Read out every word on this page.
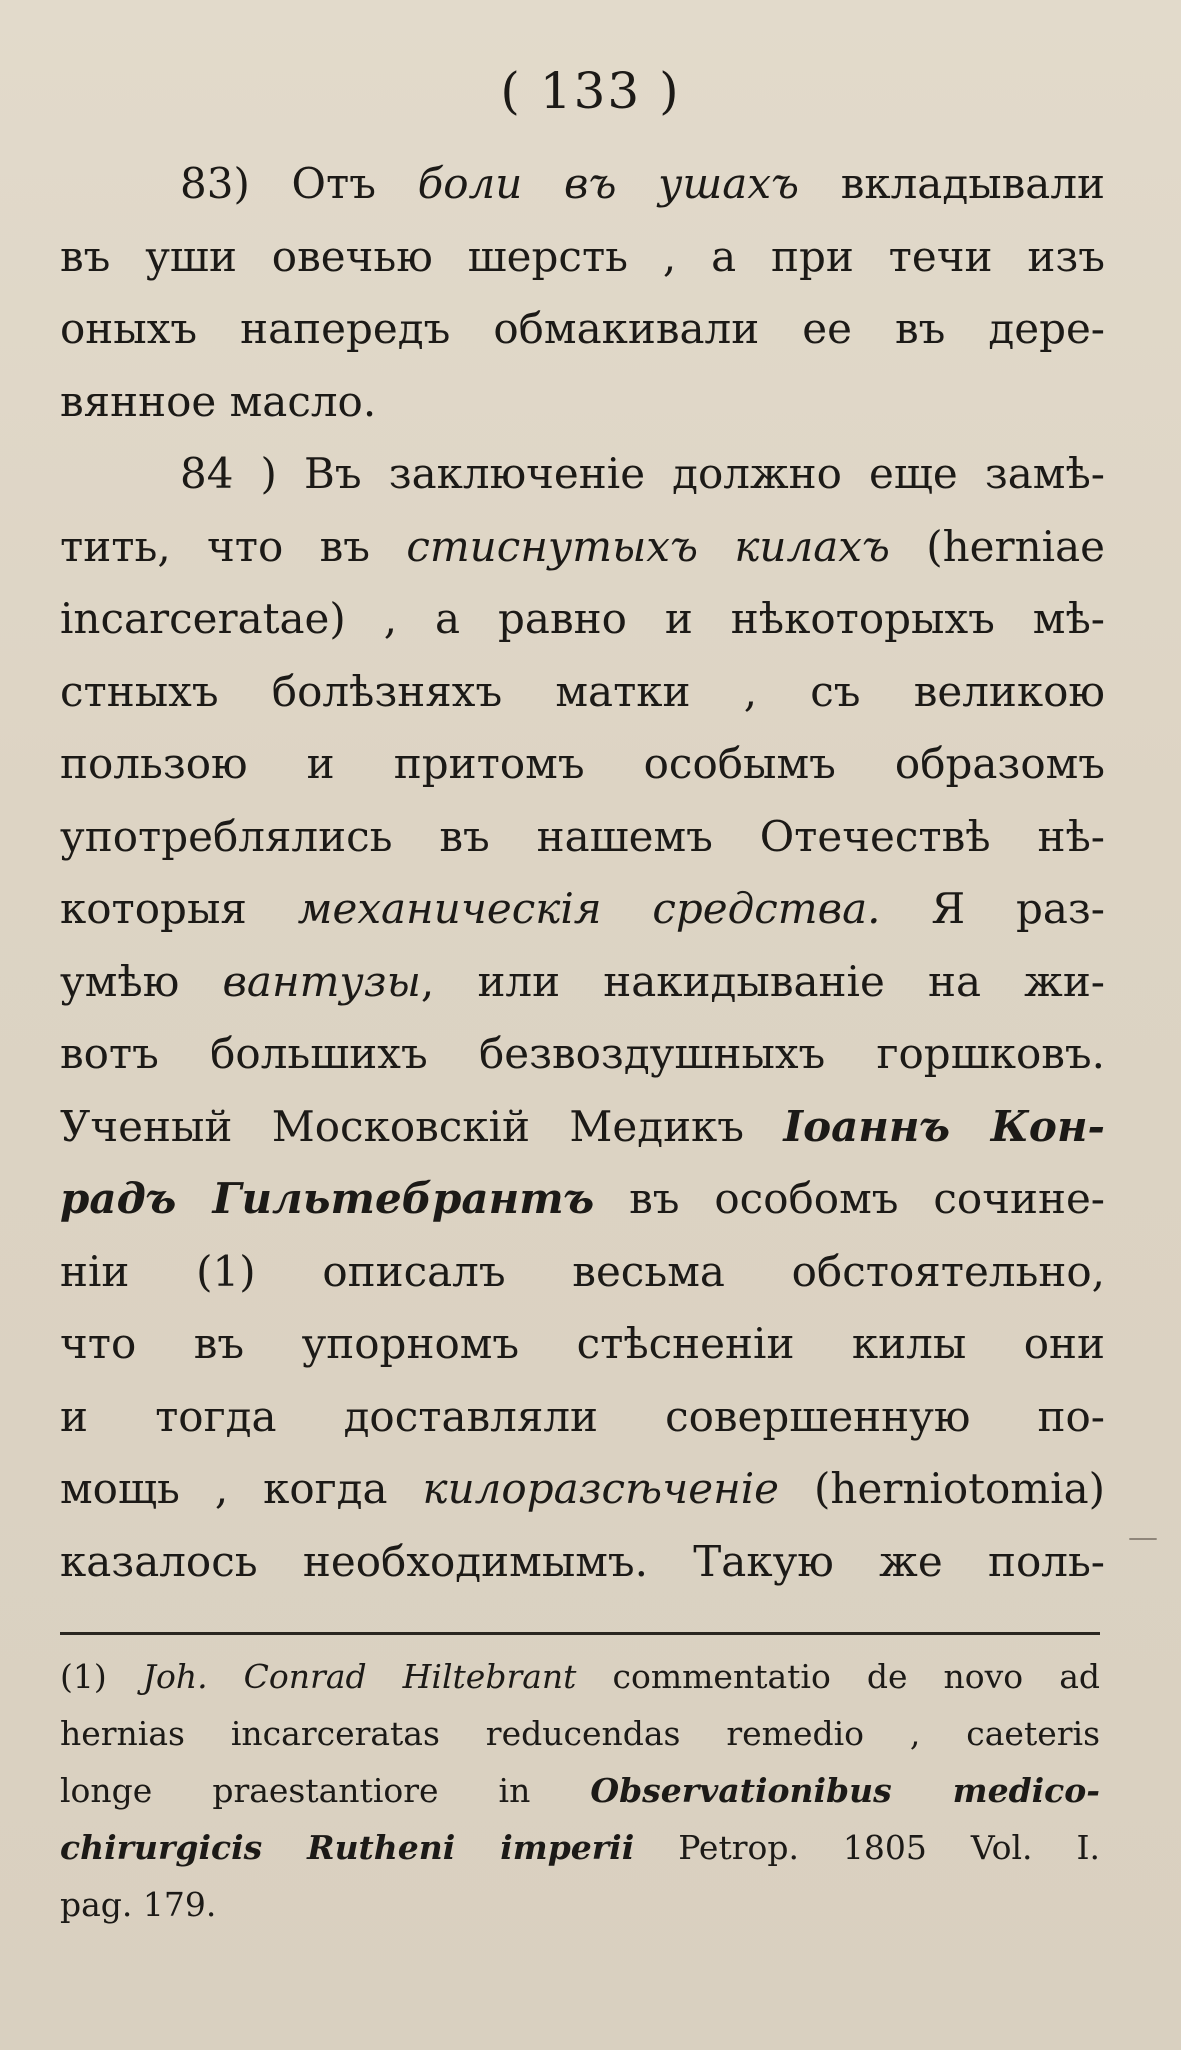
( 133 )
83) Отъ боли въ ушахъ вкладывали
въ уши овечью шерсть , а при течи изъ
оныхъ напередъ обмакивали ее въ дере-
вянное масло.
84 ) Въ заключеніе должно еще замѣ-
тить, что въ стиснутыхъ килахъ (herniae
incarceratae) , а равно и нѣкоторыхъ мѣ-
стныхъ болѣзняхъ матки , съ великою
пользою и притомъ особымъ образомъ
употреблялись въ нашемъ Отечествѣ нѣ-
которыя механическія средства. Я раз-
умѣю вантузы, или накидываніе на жи-
вотъ большихъ безвоздушныхъ горшковъ.
Ученый Московскій Медикъ Іоаннъ Кон-
радъ Гильтебрантъ въ особомъ сочине-
ніи (1) описалъ весьма обстоятельно,
что въ упорномъ стѣсненіи килы они
и тогда доставляли совершенную по-
мощь , когда килоразсѣченіе (herniotomia)
казалось необходимымъ. Такую же поль-
(1) Joh. Conrad Hiltebrant commentatio de novo ad
hernias incarceratas reducendas remedio , caeteris
longe praestantiore in Observationibus medico-
chirurgicis Rutheni imperii Petrop. 1805 Vol. I.
pag. 179.
—
